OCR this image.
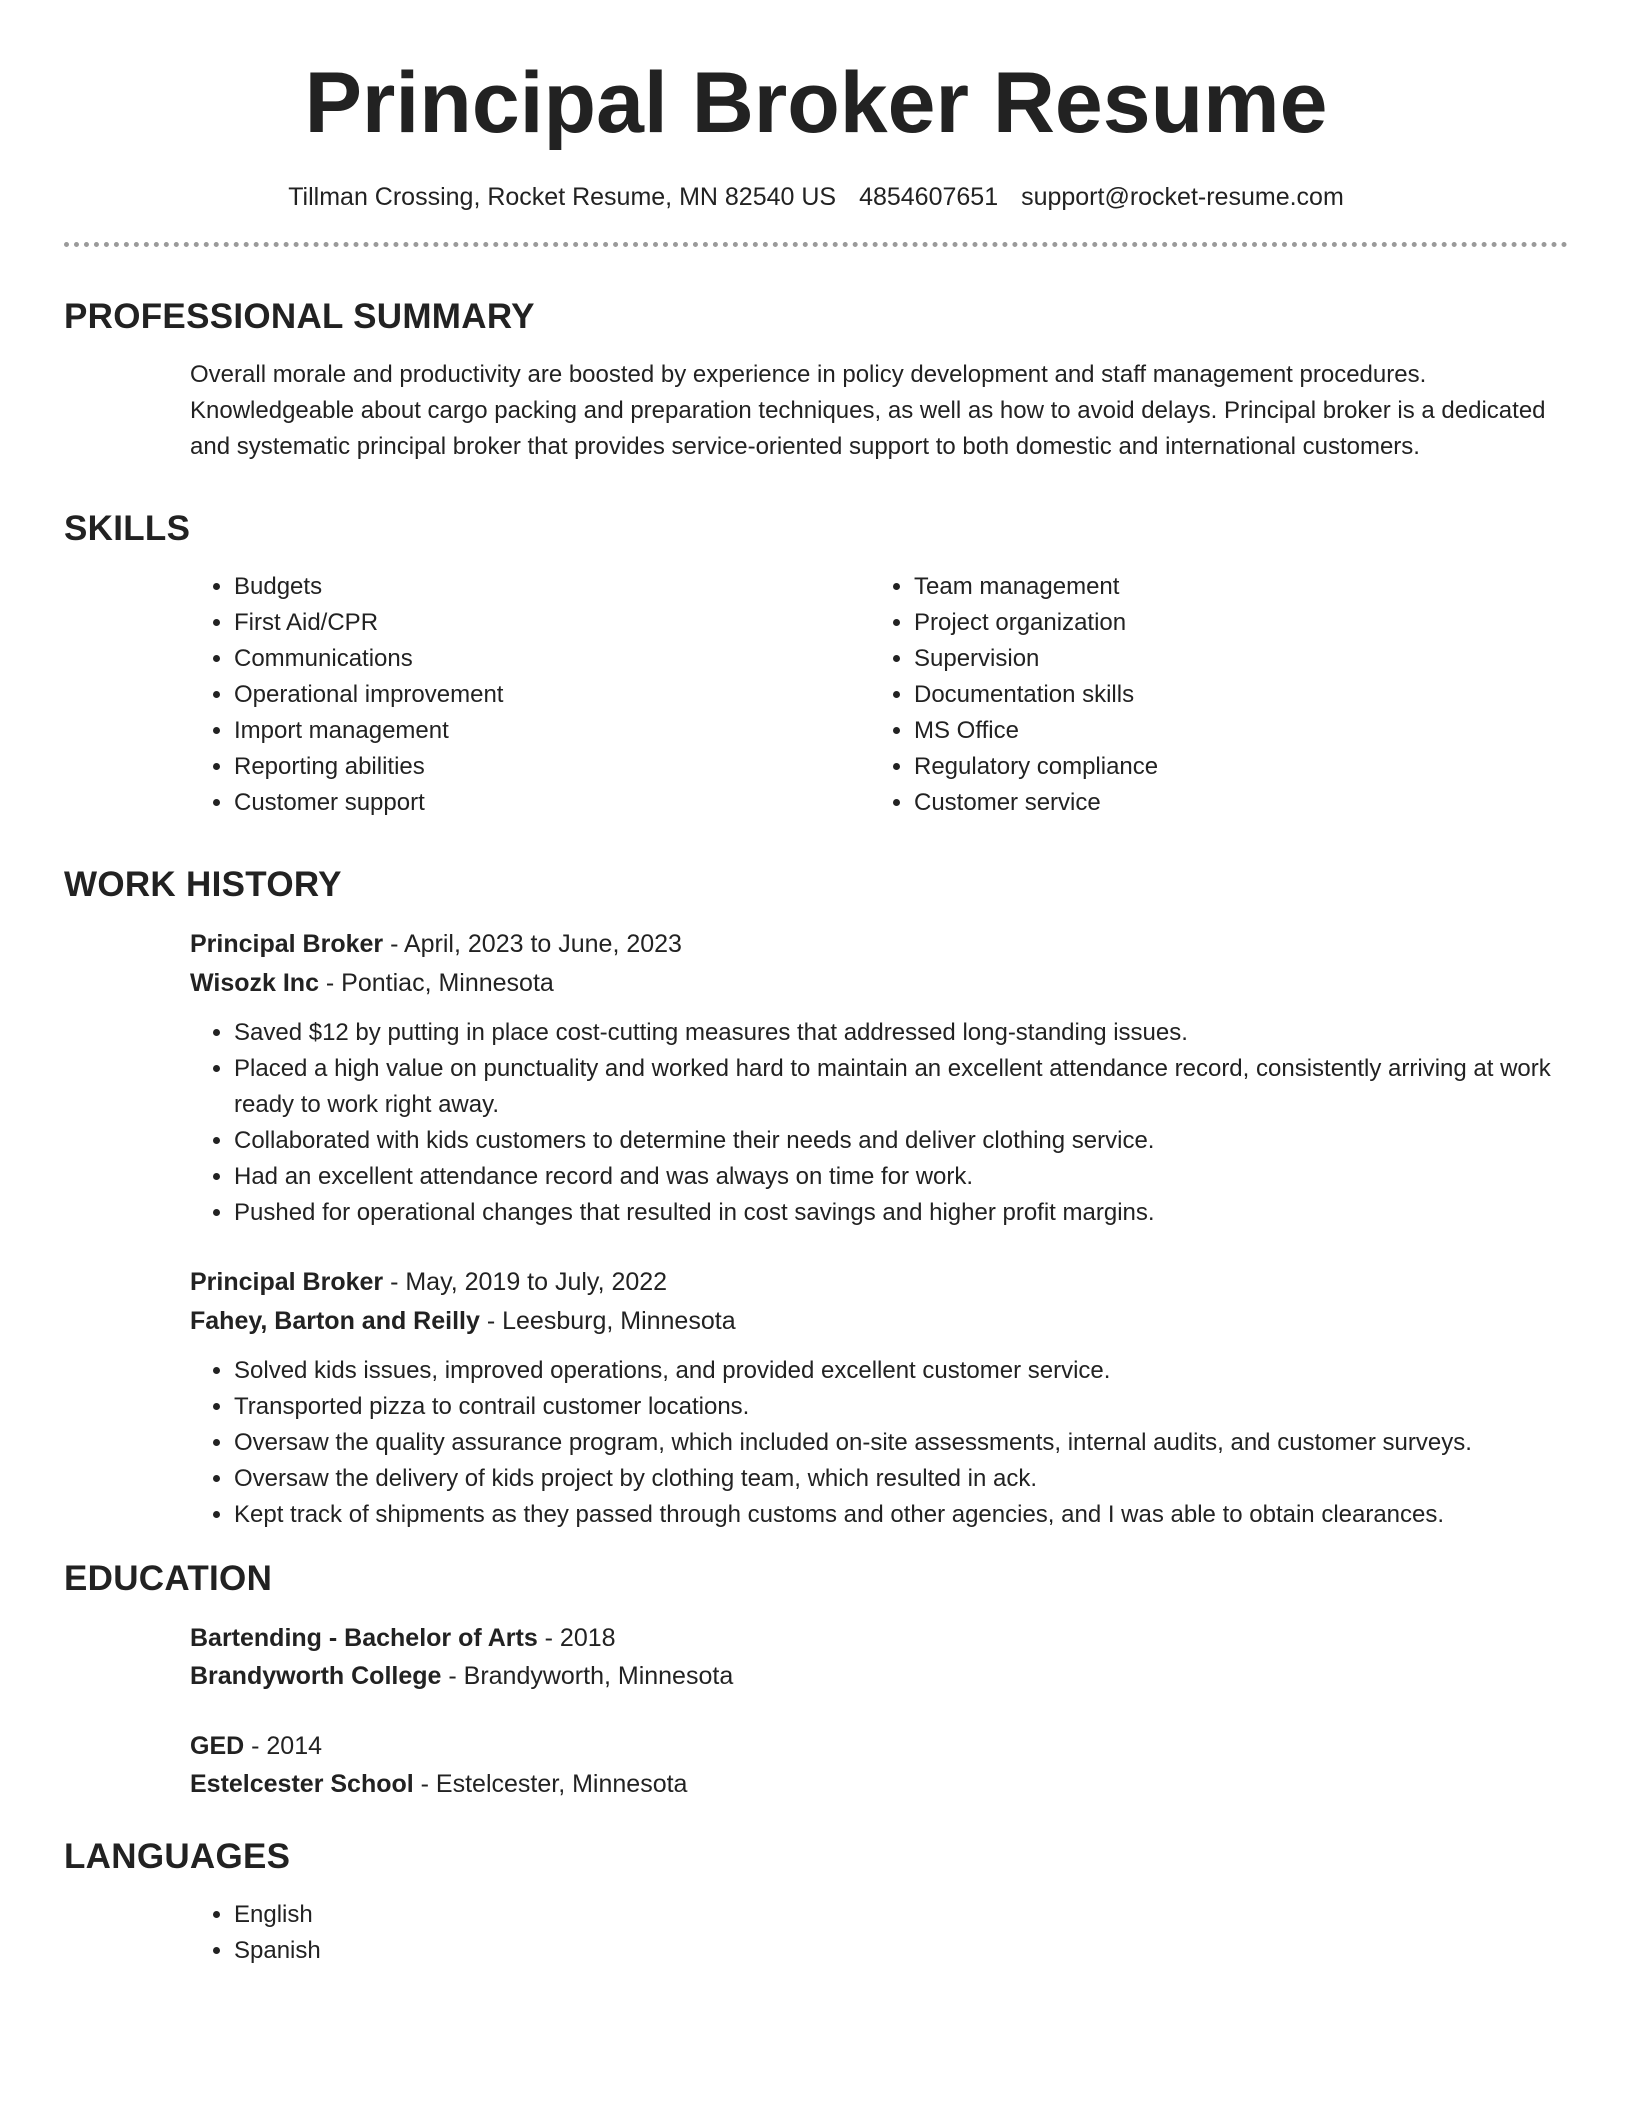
Principal Broker Resume
Tillman Crossing, Rocket Resume, MN 82540 US 4854607651 support@rocket-resume.com
PROFESSIONAL SUMMARY

Overall morale and productivity are boosted by experience in policy development and staff management procedures. Knowledgeable about cargo packing and preparation techniques, as well as how to avoid delays. Principal broker is a dedicated and systematic principal broker that provides service-oriented support to both domestic and international customers.

SKILLS
• Budgets
• First Aid/CPR
• Communications
• Operational improvement
• Import management
• Reporting abilities
• Customer support
• Team management
• Project organization
• Supervision
• Documentation skills
• MS Office
• Regulatory compliance
• Customer service
WORK HISTORY
Principal Broker - April, 2023 to June, 2023
Wisozk Inc - Pontiac, Minnesota
• Saved $12 by putting in place cost-cutting measures that addressed long-standing issues.
• Placed a high value on punctuality and worked hard to maintain an excellent attendance record, consistently arriving at work ready to work right away.
• Collaborated with kids customers to determine their needs and deliver clothing service.
• Had an excellent attendance record and was always on time for work.
• Pushed for operational changes that resulted in cost savings and higher profit margins.
Principal Broker - May, 2019 to July, 2022
Fahey, Barton and Reilly - Leesburg, Minnesota
• Solved kids issues, improved operations, and provided excellent customer service.
• Transported pizza to contrail customer locations.
• Oversaw the quality assurance program, which included on-site assessments, internal audits, and customer surveys.
• Oversaw the delivery of kids project by clothing team, which resulted in ack.
• Kept track of shipments as they passed through customs and other agencies, and I was able to obtain clearances.
EDUCATION
Bartending - Bachelor of Arts - 2018
Brandyworth College - Brandyworth, Minnesota
GED - 2014
Estelcester School - Estelcester, Minnesota
LANGUAGES
• English
• Spanish
